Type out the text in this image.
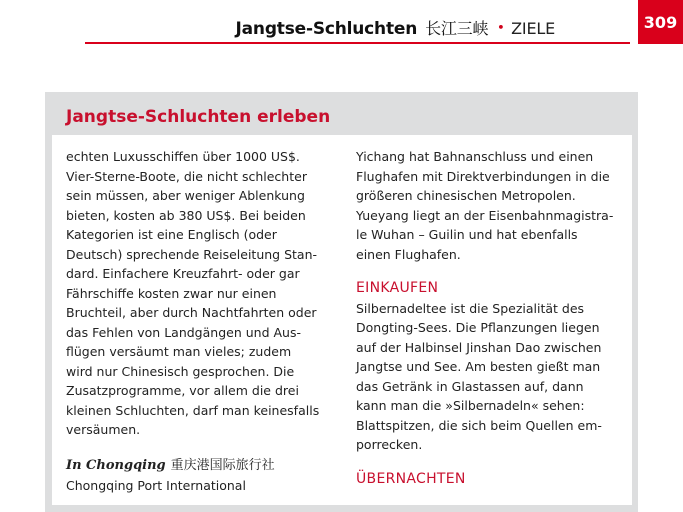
Jangtse-Schluchten 长江三峡 • ZIELE	309
Jangtse-Schluchten erleben
echten Luxusschiffen über 1000 US$.
Vier-Sterne-Boote, die nicht schlechter
sein müssen, aber weniger Ablenkung
bieten, kosten ab 380 US$. Bei beiden
Kategorien ist eine Englisch (oder
Deutsch) sprechende Reiseleitung Stan-
dard. Einfachere Kreuzfahrt- oder gar
Fährschiffe kosten zwar nur einen
Bruchteil, aber durch Nachtfahrten oder
das Fehlen von Landgängen und Aus-
flügen versäumt man vieles; zudem
wird nur Chinesisch gesprochen. Die
Zusatzprogramme, vor allem die drei
kleinen Schluchten, darf man keinesfalls
versäumen.
In Chongqing 重庆港国际旅行社
Chongqing Port International
Yichang hat Bahnanschluss und einen
Flughafen mit Direktverbindungen in die
größeren chinesischen Metropolen.
Yueyang liegt an der Eisenbahnmagistra-
le Wuhan – Guilin und hat ebenfalls
einen Flughafen.
EINKAUFEN
Silbernadeltee ist die Spezialität des
Dongting-Sees. Die Pflanzungen liegen
auf der Halbinsel Jinshan Dao zwischen
Jangtse und See. Am besten gießt man
das Getränk in Glastassen auf, dann
kann man die »Silbernadeln« sehen:
Blattspitzen, die sich beim Quellen em-
porrecken.
ÜBERNACHTEN
